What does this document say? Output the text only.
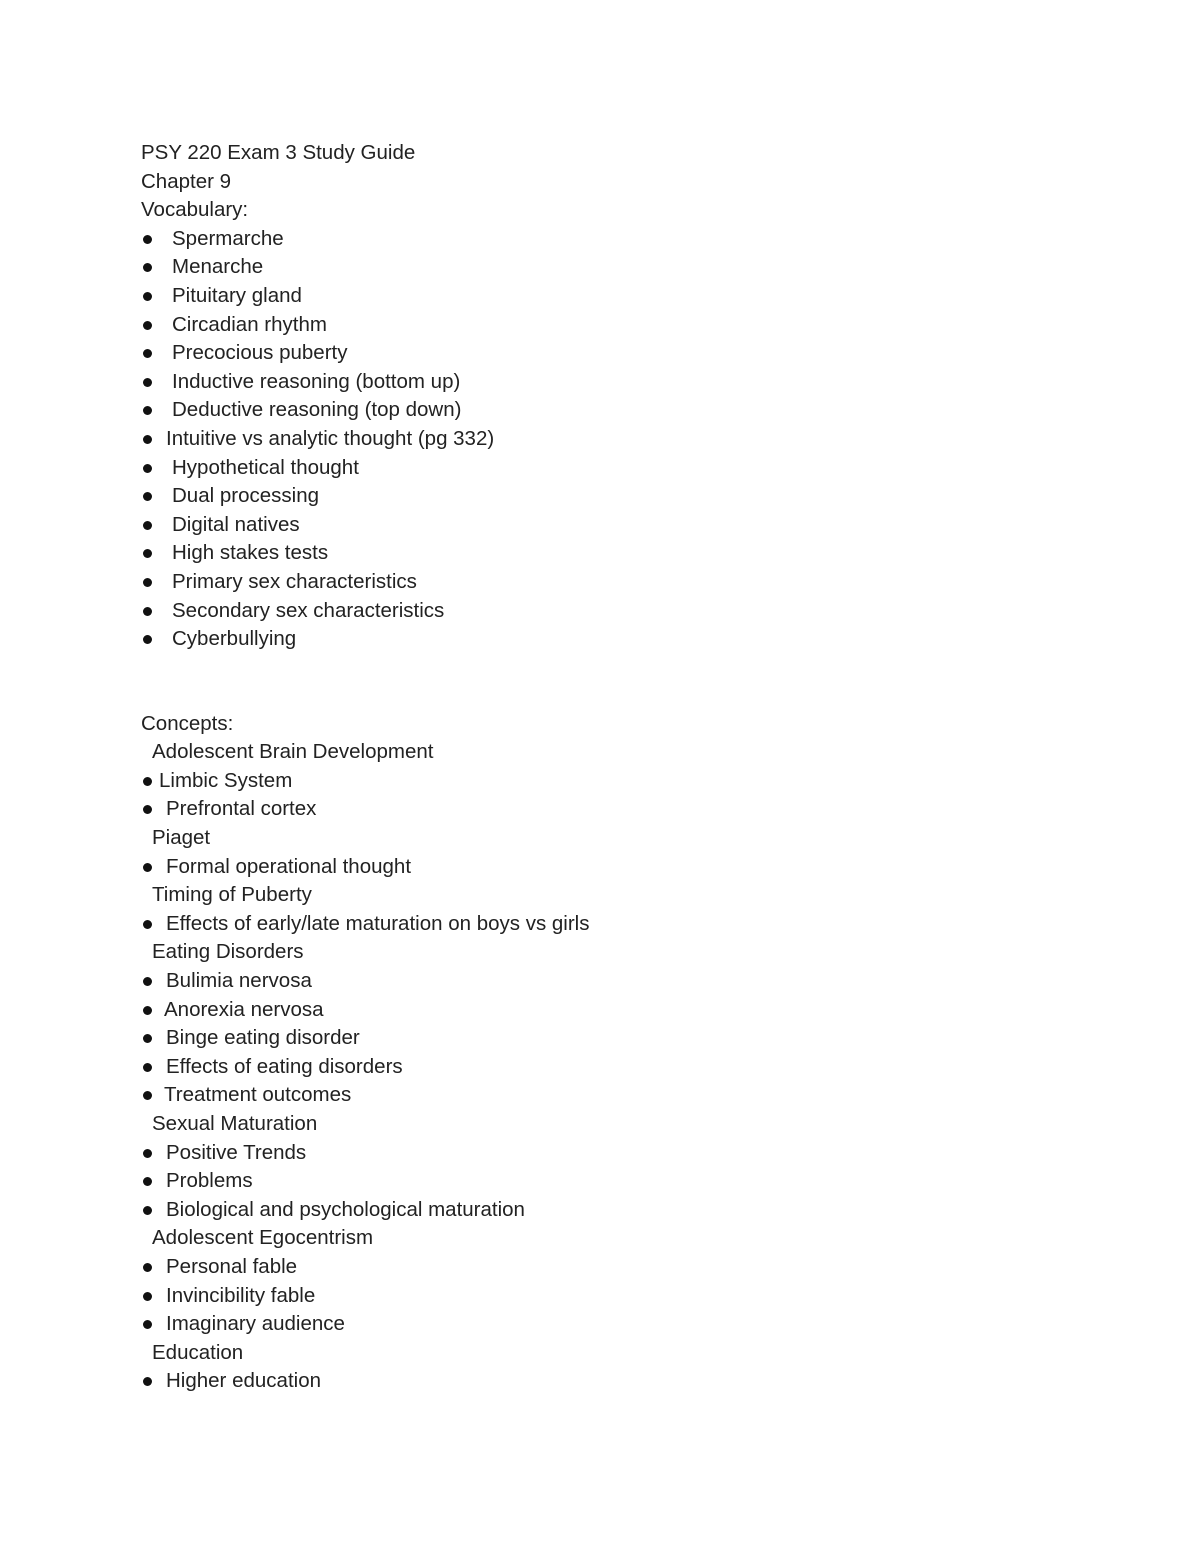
PSY 220 Exam 3 Study Guide
Chapter 9
Vocabulary:
Spermarche
Menarche
Pituitary gland
Circadian rhythm
Precocious puberty
Inductive reasoning (bottom up)
Deductive reasoning (top down)
Intuitive vs analytic thought (pg 332)
Hypothetical thought
Dual processing
Digital natives
High stakes tests
Primary sex characteristics
Secondary sex characteristics
Cyberbullying
Concepts:
Adolescent Brain Development
Limbic System
Prefrontal cortex
Piaget
Formal operational thought
Timing of Puberty
Effects of early/late maturation on boys vs girls
Eating Disorders
Bulimia nervosa
Anorexia nervosa
Binge eating disorder
Effects of eating disorders
Treatment outcomes
Sexual Maturation
Positive Trends
Problems
Biological and psychological maturation
Adolescent Egocentrism
Personal fable
Invincibility fable
Imaginary audience
Education
Higher education
